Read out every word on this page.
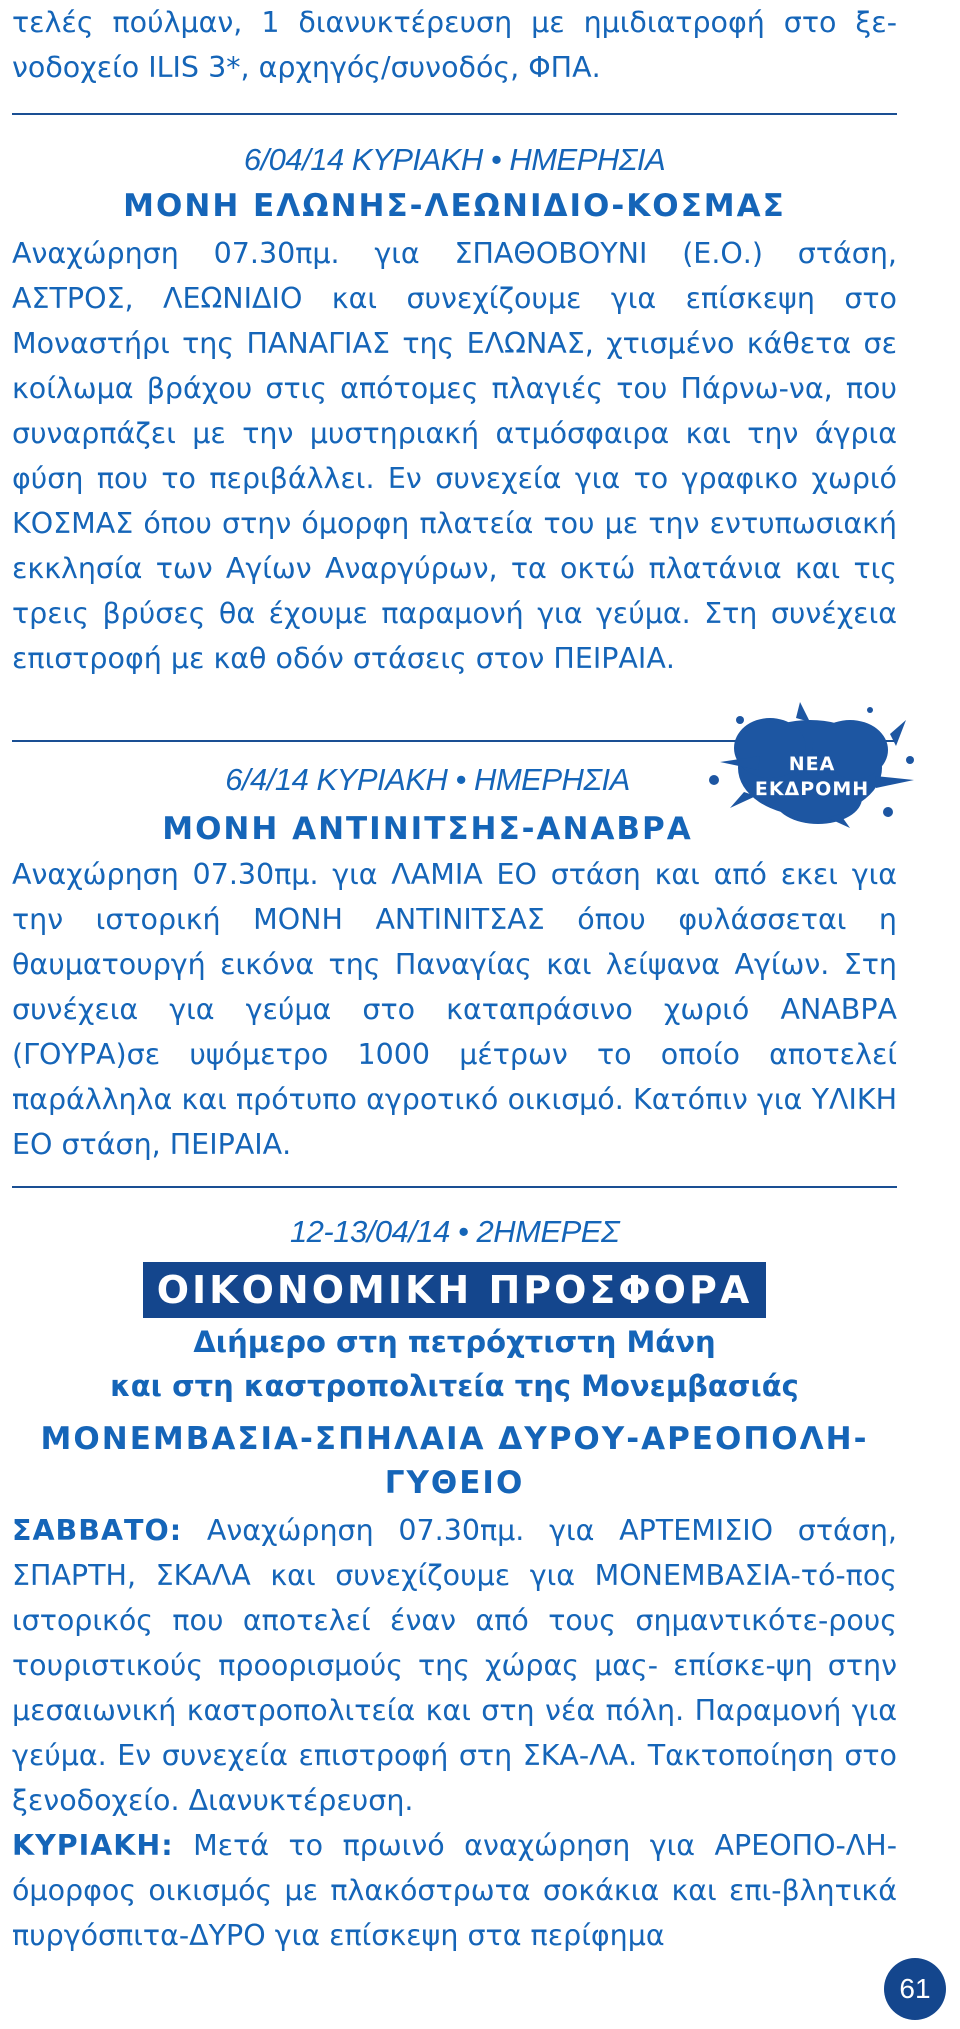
τελές πούλμαν, 1 διανυκτέρευση με ημιδιατροφή στο ξε-νοδοχείο ILIS 3*, αρχηγός/συνοδός, ΦΠΑ.

6/04/14 ΚΥΡΙΑΚΗ • ΗΜΕΡΗΣΙΑ
ΜΟΝΗ ΕΛΩΝΗΣ-ΛΕΩΝΙΔΙΟ-ΚΟΣΜΑΣ

Αναχώρηση 07.30πμ. για ΣΠΑΘΟΒΟΥΝΙ (Ε.Ο.) στάση, ΑΣΤΡΟΣ, ΛΕΩΝΙΔΙΟ και συνεχίζουμε για επίσκεψη στο Μοναστήρι της ΠΑΝΑΓΙΑΣ της ΕΛΩΝΑΣ, χτισμένο κάθετα σε κοίλωμα βράχου στις απότομες πλαγιές του Πάρνω-να, που συναρπάζει με την μυστηριακή ατμόσφαιρα και την άγρια φύση που το περιβάλλει. Εν συνεχεία για το γραφικο χωριό ΚΟΣΜΑΣ όπου στην όμορφη πλατεία του με την εντυπωσιακή εκκλησία των Αγίων Αναργύρων, τα οκτώ πλατάνια και τις τρεις βρύσες θα έχουμε παραμονή για γεύμα. Στη συνέχεια επιστροφή με καθ οδόν στάσεις στον ΠΕΙΡΑΙΑ.

ΝΕΑ
ΕΚΔΡΟΜΗ
6/4/14 ΚΥΡΙΑΚΗ • ΗΜΕΡΗΣΙΑ
ΜΟΝΗ ΑΝΤΙΝΙΤΣΗΣ-ΑΝΑΒΡΑ

Αναχώρηση 07.30πμ. για ΛΑΜΙΑ ΕΟ στάση και από εκει για την ιστορική ΜΟΝΗ ΑΝΤΙΝΙΤΣΑΣ όπου φυλάσσεται η θαυματουργή εικόνα της Παναγίας και λείψανα Αγίων. Στη συνέχεια για γεύμα στο καταπράσινο χωριό ΑΝΑΒΡΑ (ΓΟΥΡΑ)σε υψόμετρο 1000 μέτρων το οποίο αποτελεί παράλληλα και πρότυπο αγροτικό οικισμό. Κατόπιν για ΥΛΙΚΗ ΕΟ στάση, ΠΕΙΡΑΙΑ.

12-13/04/14 • 2ΗΜΕΡΕΣ
ΟΙΚΟΝΟΜΙΚΗ ΠΡΟΣΦΟΡΑ
Διήμερο στη πετρόχτιστη Μάνη
και στη καστροπολιτεία της Μονεμβασιάς
ΜΟΝΕΜΒΑΣΙΑ-ΣΠΗΛΑΙΑ ΔΥΡΟΥ-ΑΡΕΟΠΟΛΗ-
ΓΥΘΕΙΟ

ΣΑΒΒΑΤΟ: Αναχώρηση 07.30πμ. για ΑΡΤΕΜΙΣΙΟ στάση, ΣΠΑΡΤΗ, ΣΚΑΛΑ και συνεχίζουμε για ΜΟΝΕΜΒΑΣΙΑ-τό-πος ιστορικός που αποτελεί έναν από τους σημαντικότε-ρους τουριστικούς προορισμούς της χώρας μας- επίσκε-ψη στην μεσαιωνική καστροπολιτεία και στη νέα πόλη. Παραμονή για γεύμα. Εν συνεχεία επιστροφή στη ΣΚΑ-ΛΑ. Τακτοποίηση στο ξενοδοχείο. Διανυκτέρευση.

ΚΥΡΙΑΚΗ: Μετά το πρωινό αναχώρηση για ΑΡΕΟΠΟ-ΛΗ-όμορφος οικισμός με πλακόστρωτα σοκάκια και επι-βλητικά πυργόσπιτα-ΔΥΡΟ για επίσκεψη στα περίφημα

61
